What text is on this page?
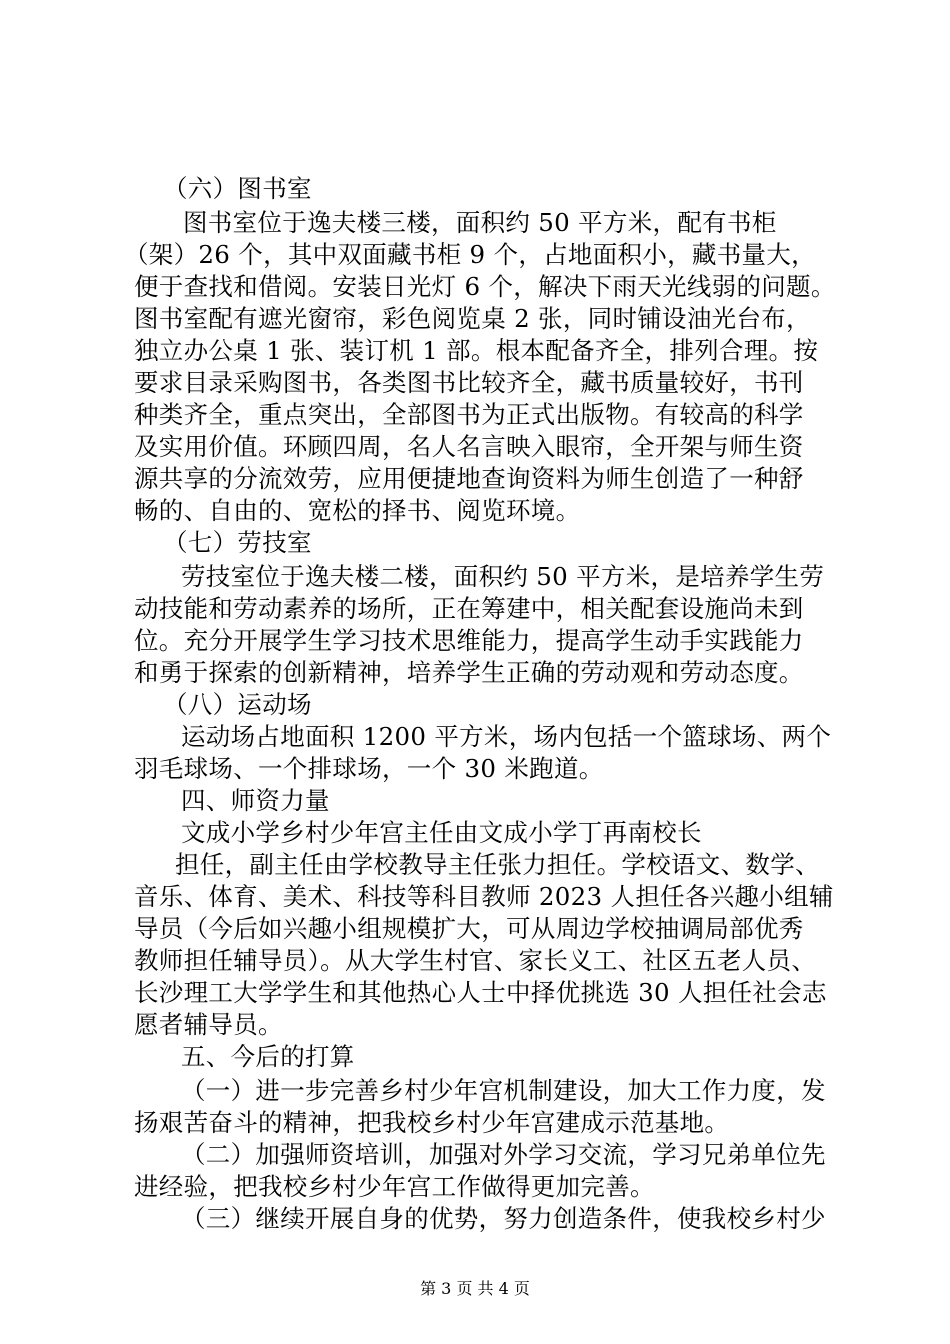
（六）图书室
图书室位于逸夫楼三楼，面积约 50 平方米，配有书柜
（架）26 个，其中双面藏书柜 9 个，占地面积小，藏书量大，
便于查找和借阅。安装日光灯 6 个，解决下雨天光线弱的问题。
图书室配有遮光窗帘，彩色阅览桌 2 张，同时铺设油光台布，
独立办公桌 1 张、装订机 1 部。根本配备齐全，排列合理。按
要求目录采购图书，各类图书比较齐全，藏书质量较好，书刊
种类齐全，重点突出，全部图书为正式出版物。有较高的科学
及实用价值。环顾四周，名人名言映入眼帘，全开架与师生资
源共享的分流效劳，应用便捷地查询资料为师生创造了一种舒
畅的、自由的、宽松的择书、阅览环境。
（七）劳技室
劳技室位于逸夫楼二楼，面积约 50 平方米，是培养学生劳
动技能和劳动素养的场所，正在筹建中，相关配套设施尚未到
位。充分开展学生学习技术思维能力，提高学生动手实践能力
和勇于探索的创新精神，培养学生正确的劳动观和劳动态度。
（八）运动场
运动场占地面积 1200 平方米，场内包括一个篮球场、两个
羽毛球场、一个排球场，一个 30 米跑道。
四、师资力量
文成小学乡村少年宫主任由文成小学丁再南校长
担任，副主任由学校教导主任张力担任。学校语文、数学、
音乐、体育、美术、科技等科目教师 2023 人担任各兴趣小组辅
导员（今后如兴趣小组规模扩大，可从周边学校抽调局部优秀
教师担任辅导员）。从大学生村官、家长义工、社区五老人员、
长沙理工大学学生和其他热心人士中择优挑选 30 人担任社会志
愿者辅导员。
五、今后的打算
（一）进一步完善乡村少年宫机制建设，加大工作力度，发
扬艰苦奋斗的精神，把我校乡村少年宫建成示范基地。
（二）加强师资培训，加强对外学习交流，学习兄弟单位先
进经验，把我校乡村少年宫工作做得更加完善。
（三）继续开展自身的优势，努力创造条件，使我校乡村少
第 3 页 共 4 页
